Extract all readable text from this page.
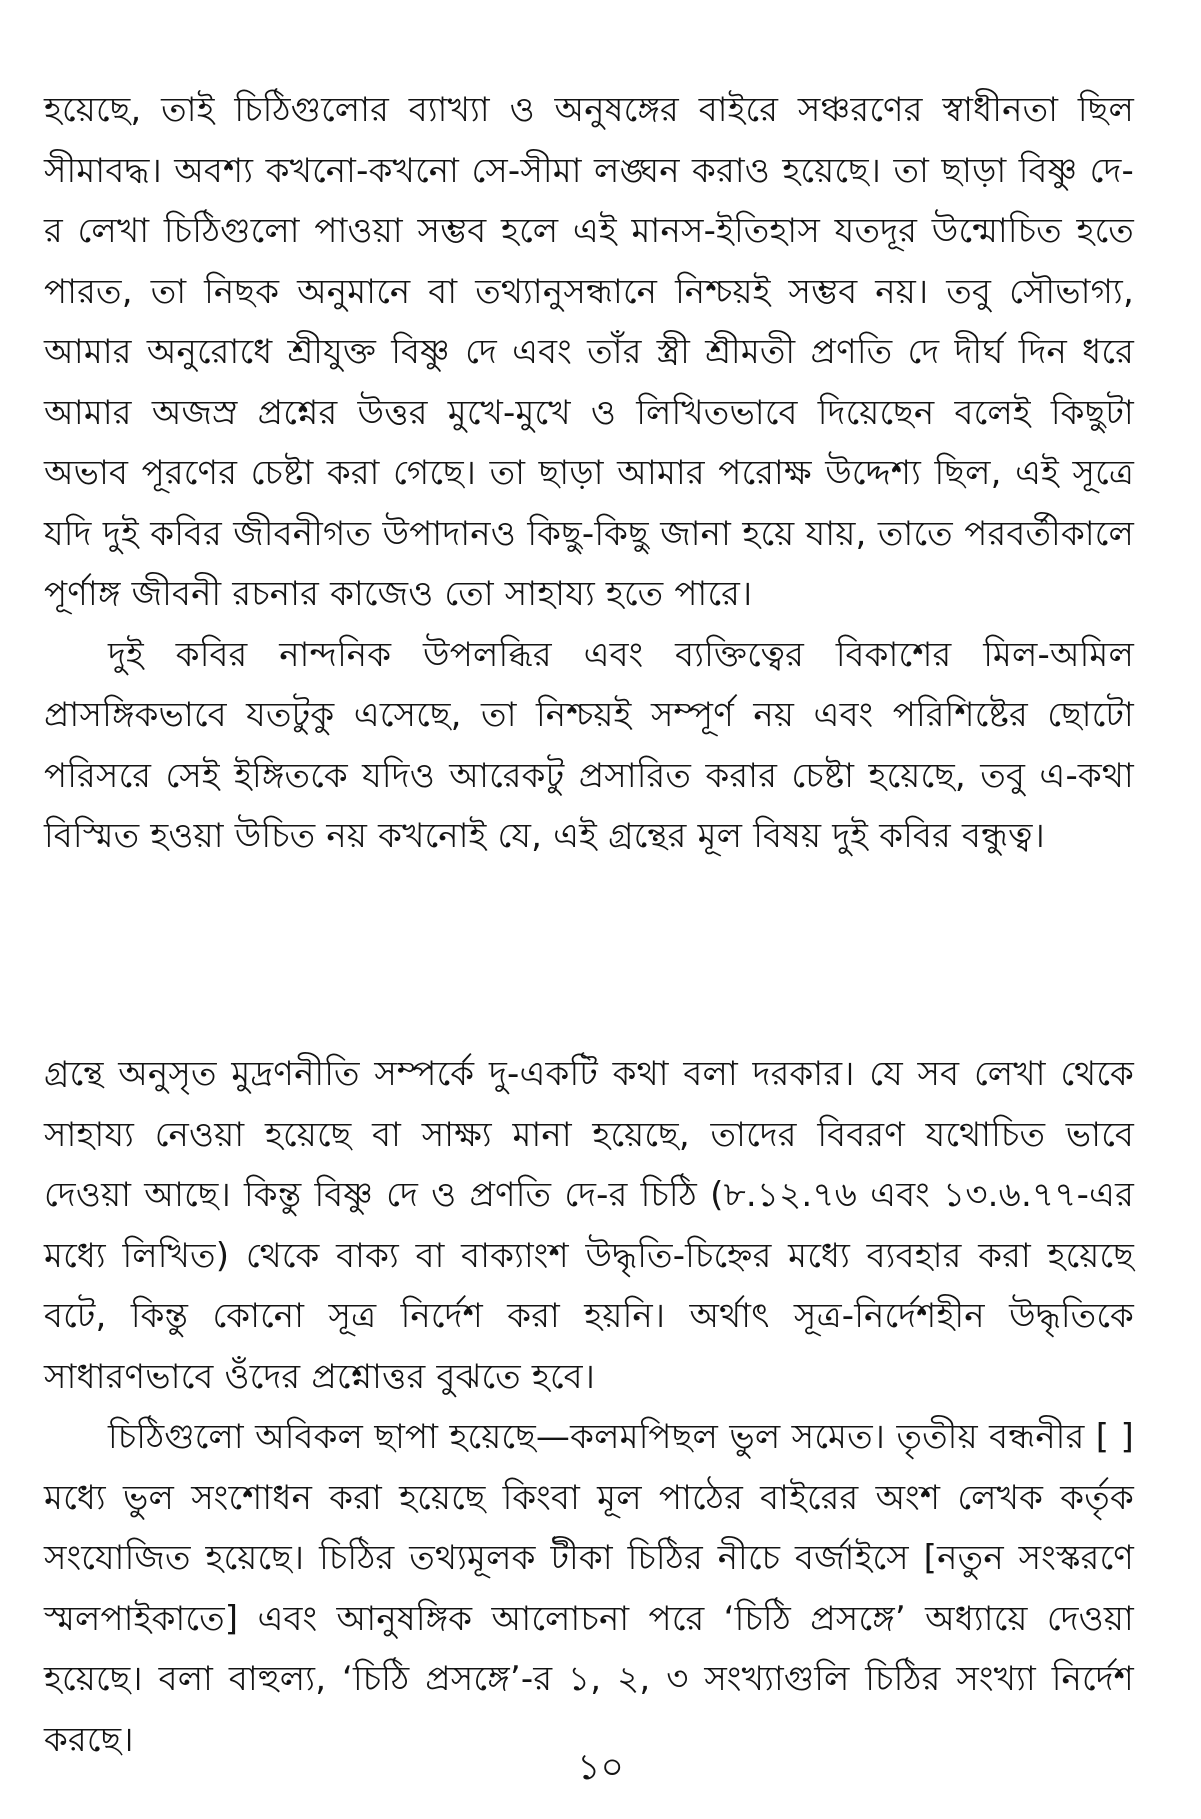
হয়েছে, তাই চিঠিগুলোর ব্যাখ্যা ও অনুষঙ্গের বাইরে সঞ্চরণের স্বাধীনতা ছিল সীমাবদ্ধ। অবশ্য কখনো-কখনো সে-সীমা লঙ্ঘন করাও হয়েছে। তা ছাড়া বিষ্ণু দে-র লেখা চিঠিগুলো পাওয়া সম্ভব হলে এই মানস-ইতিহাস যতদূর উন্মোচিত হতে পারত, তা নিছক অনুমানে বা তথ্যানুসন্ধানে নিশ্চয়ই সম্ভব নয়। তবু সৌভাগ্য, আমার অনুরোধে শ্রীযুক্ত বিষ্ণু দে এবং তাঁর স্ত্রী শ্রীমতী প্রণতি দে দীর্ঘ দিন ধরে আমার অজস্র প্রশ্নের উত্তর মুখে-মুখে ও লিখিতভাবে দিয়েছেন বলেই কিছুটা অভাব পূরণের চেষ্টা করা গেছে। তা ছাড়া আমার পরোক্ষ উদ্দেশ্য ছিল, এই সূত্রে যদি দুই কবির জীবনীগত উপাদানও কিছু-কিছু জানা হয়ে যায়, তাতে পরবর্তীকালে পূর্ণাঙ্গ জীবনী রচনার কাজেও তো সাহায্য হতে পারে।

দুই কবির নান্দনিক উপলব্ধির এবং ব্যক্তিত্বের বিকাশের মিল-অমিল প্রাসঙ্গিকভাবে যতটুকু এসেছে, তা নিশ্চয়ই সম্পূর্ণ নয় এবং পরিশিষ্টের ছোটো পরিসরে সেই ইঙ্গিতকে যদিও আরেকটু প্রসারিত করার চেষ্টা হয়েছে, তবু এ-কথা বিস্মিত হওয়া উচিত নয় কখনোই যে, এই গ্রন্থের মূল বিষয় দুই কবির বন্ধুত্ব।

গ্রন্থে অনুসৃত মুদ্রণনীতি সম্পর্কে দু-একটি কথা বলা দরকার। যে সব লেখা থেকে সাহায্য নেওয়া হয়েছে বা সাক্ষ্য মানা হয়েছে, তাদের বিবরণ যথোচিত ভাবে দেওয়া আছে। কিন্তু বিষ্ণু দে ও প্রণতি দে-র চিঠি (৮.১২.৭৬ এবং ১৩.৬.৭৭-এর মধ্যে লিখিত) থেকে বাক্য বা বাক্যাংশ উদ্ধৃতি-চিহ্নের মধ্যে ব্যবহার করা হয়েছে বটে, কিন্তু কোনো সূত্র নির্দেশ করা হয়নি। অর্থাৎ সূত্র-নির্দেশহীন উদ্ধৃতিকে সাধারণভাবে ওঁদের প্রশ্নোত্তর বুঝতে হবে।

চিঠিগুলো অবিকল ছাপা হয়েছে—কলমপিছল ভুল সমেত। তৃতীয় বন্ধনীর [ ] মধ্যে ভুল সংশোধন করা হয়েছে কিংবা মূল পাঠের বাইরের অংশ লেখক কর্তৃক সংযোজিত হয়েছে। চিঠির তথ্যমূলক টীকা চিঠির নীচে বর্জাইসে [নতুন সংস্করণে স্মলপাইকাতে] এবং আনুষঙ্গিক আলোচনা পরে ‘চিঠি প্রসঙ্গে’ অধ্যায়ে দেওয়া হয়েছে। বলা বাহুল্য, ‘চিঠি প্রসঙ্গে’-র ১, ২, ৩ সংখ্যাগুলি চিঠির সংখ্যা নির্দেশ করছে।

১০
